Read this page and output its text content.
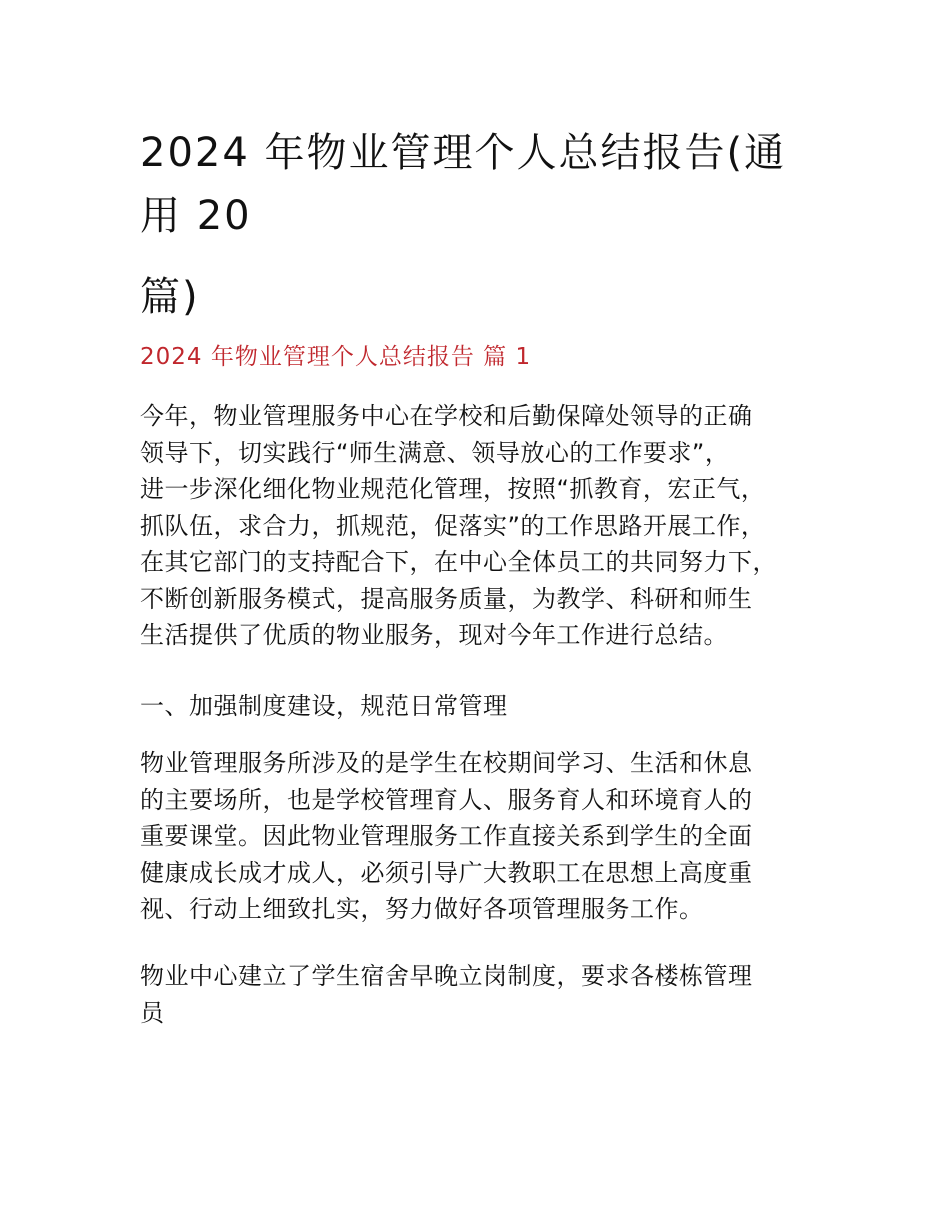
2024 年物业管理个人总结报告(通
用 20
篇)
2024 年物业管理个人总结报告 篇 1
今年，物业管理服务中心在学校和后勤保障处领导的正确
领导下，切实践行“师生满意、领导放心的工作要求”，
进一步深化细化物业规范化管理，按照“抓教育，宏正气，
抓队伍，求合力，抓规范，促落实”的工作思路开展工作，
在其它部门的支持配合下，在中心全体员工的共同努力下，
不断创新服务模式，提高服务质量，为教学、科研和师生
生活提供了优质的物业服务，现对今年工作进行总结。
一、加强制度建设，规范日常管理
物业管理服务所涉及的是学生在校期间学习、生活和休息
的主要场所，也是学校管理育人、服务育人和环境育人的
重要课堂。因此物业管理服务工作直接关系到学生的全面
健康成长成才成人，必须引导广大教职工在思想上高度重
视、行动上细致扎实，努力做好各项管理服务工作。
物业中心建立了学生宿舍早晚立岗制度，要求各楼栋管理
员
